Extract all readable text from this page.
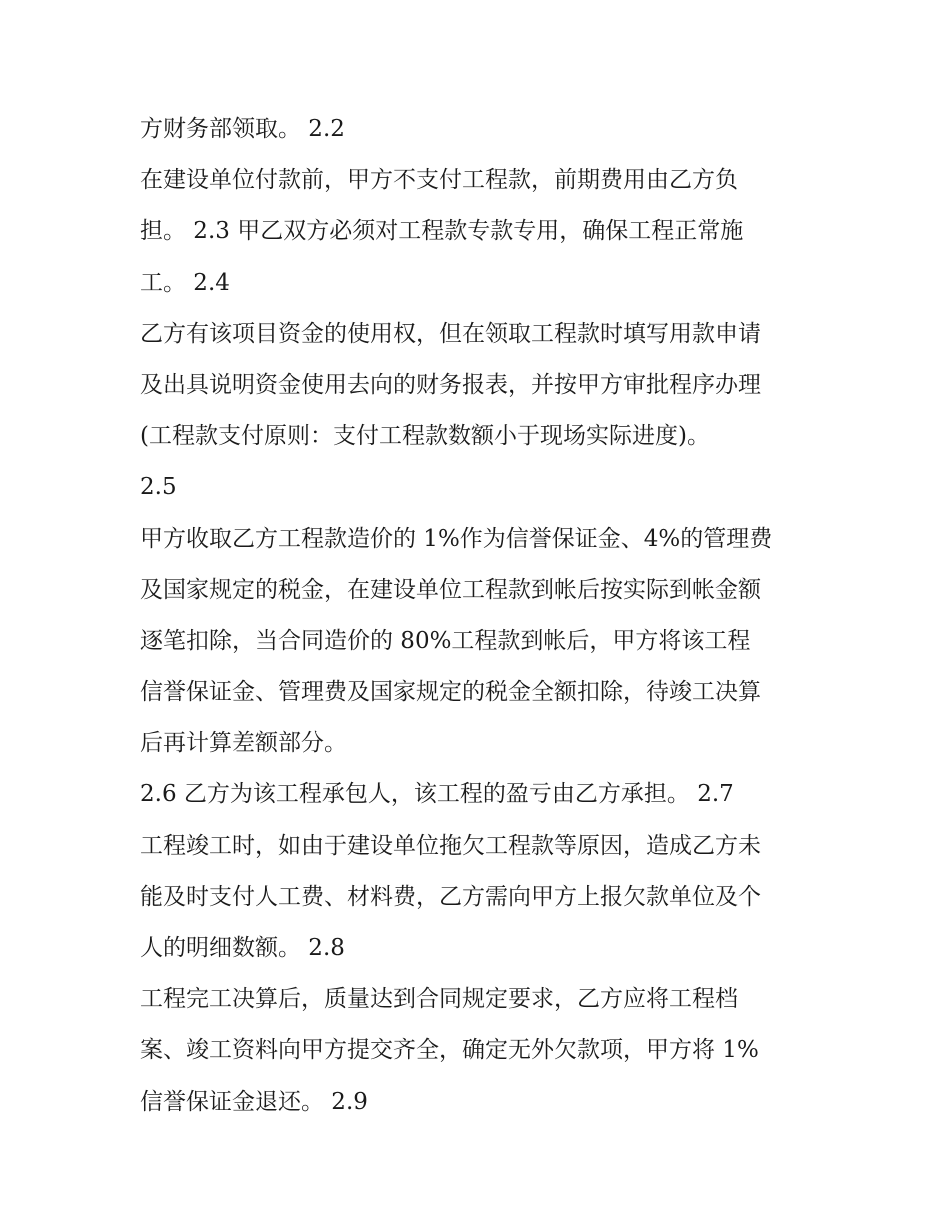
方财务部领取。 2.2
在建设单位付款前，甲方不支付工程款，前期费用由乙方负
担。 2.3 甲乙双方必须对工程款专款专用，确保工程正常施
工。 2.4
乙方有该项目资金的使用权，但在领取工程款时填写用款申请
及出具说明资金使用去向的财务报表，并按甲方审批程序办理
(工程款支付原则：支付工程款数额小于现场实际进度)。
2.5
甲方收取乙方工程款造价的 1%作为信誉保证金、4%的管理费
及国家规定的税金，在建设单位工程款到帐后按实际到帐金额
逐笔扣除，当合同造价的 80%工程款到帐后，甲方将该工程
信誉保证金、管理费及国家规定的税金全额扣除，待竣工决算
后再计算差额部分。
2.6 乙方为该工程承包人，该工程的盈亏由乙方承担。 2.7
工程竣工时，如由于建设单位拖欠工程款等原因，造成乙方未
能及时支付人工费、材料费，乙方需向甲方上报欠款单位及个
人的明细数额。 2.8
工程完工决算后，质量达到合同规定要求，乙方应将工程档
案、竣工资料向甲方提交齐全，确定无外欠款项，甲方将 1%
信誉保证金退还。 2.9
